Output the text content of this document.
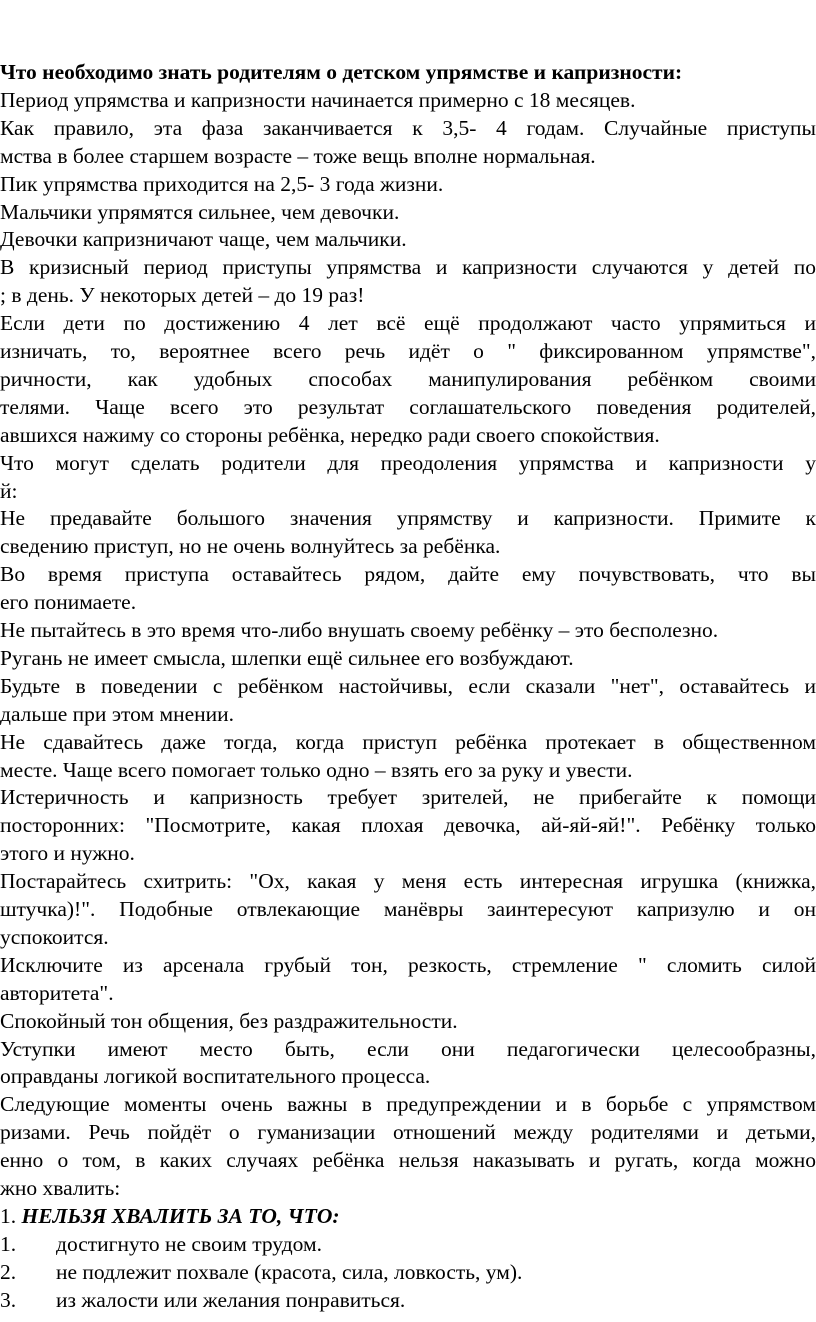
Что необходимо знать родителям о детском упрямстве и капризности:
Период упрямства и капризности начинается примерно с 18 месяцев.
Как правило, эта фаза заканчивается к 3,5- 4 годам. Случайные приступы
мства в более старшем возрасте – тоже вещь вполне нормальная.
Пик упрямства приходится на 2,5- 3 года жизни.
Мальчики упрямятся сильнее, чем девочки.
Девочки капризничают чаще, чем мальчики.
В кризисный период приступы упрямства и капризности случаются у детей по
; в день. У некоторых детей – до 19 раз!
Если дети по достижению 4 лет всё ещё продолжают часто упрямиться и
изничать, то, вероятнее всего речь идёт о " фиксированном упрямстве",
ричности, как удобных способах манипулирования ребёнком своими
телями. Чаще всего это результат соглашательского поведения родителей,
авшихся нажиму со стороны ребёнка, нередко ради своего спокойствия.
Что могут сделать родители для преодоления упрямства и капризности у
й:
Не предавайте большого значения упрямству и капризности. Примите к
сведению приступ, но не очень волнуйтесь за ребёнка.
Во время приступа оставайтесь рядом, дайте ему почувствовать, что вы
его понимаете.
Не пытайтесь в это время что-либо внушать своему ребёнку – это бесполезно.
Ругань не имеет смысла, шлепки ещё сильнее его возбуждают.
Будьте в поведении с ребёнком настойчивы, если сказали "нет", оставайтесь и
дальше при этом мнении.
Не сдавайтесь даже тогда, когда приступ ребёнка протекает в общественном
месте. Чаще всего помогает только одно – взять его за руку и увести.
Истеричность и капризность требует зрителей, не прибегайте к помощи
посторонних: "Посмотрите, какая плохая девочка, ай-яй-яй!". Ребёнку только
этого и нужно.
Постарайтесь схитрить: "Ох, какая у меня есть интересная игрушка (книжка,
штучка)!". Подобные отвлекающие манёвры заинтересуют капризулю и он
успокоится.
Исключите из арсенала грубый тон, резкость, стремление " сломить силой
авторитета".
Спокойный тон общения, без раздражительности.
Уступки имеют место быть, если они педагогически целесообразны,
оправданы логикой воспитательного процесса.
Следующие моменты очень важны в предупреждении и в борьбе с упрямством
ризами. Речь пойдёт о гуманизации отношений между родителями и детьми,
енно о том, в каких случаях ребёнка нельзя наказывать и ругать, когда можно
жно хвалить:
1. НЕЛЬЗЯ ХВАЛИТЬ ЗА ТО, ЧТО:
1. достигнуто не своим трудом.
2. не подлежит похвале (красота, сила, ловкость, ум).
3. из жалости или желания понравиться.
